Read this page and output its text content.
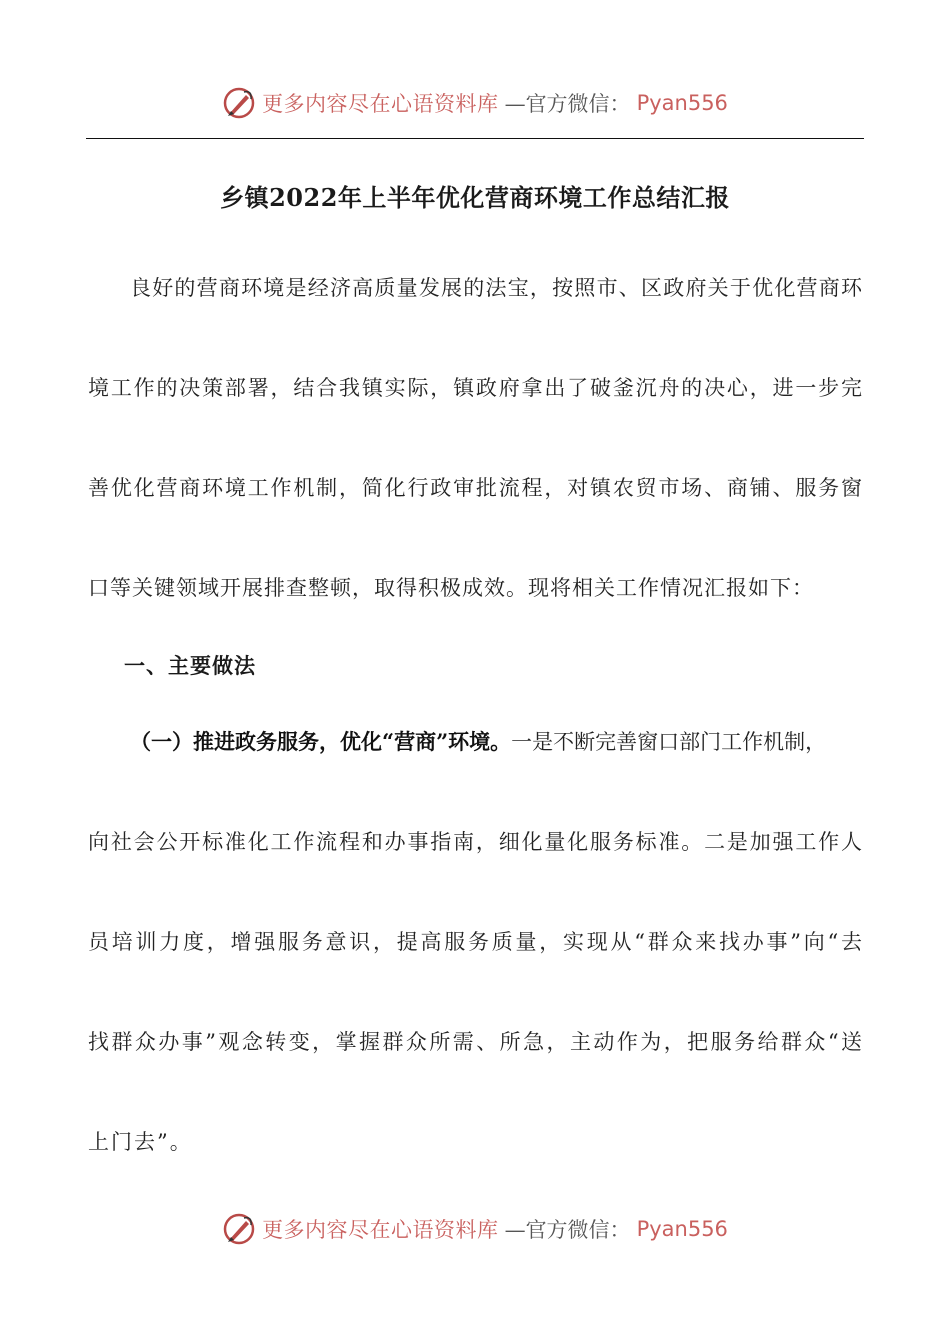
更多内容尽在心语资料库 —官方微信： Pyan556
乡镇2022年上半年优化营商环境工作总结汇报
良好的营商环境是经济高质量发展的法宝，按照市、区政府关于优化营商环
境工作的决策部署，结合我镇实际，镇政府拿出了破釜沉舟的决心，进一步完
善优化营商环境工作机制，简化行政审批流程，对镇农贸市场、商铺、服务窗
口等关键领域开展排查整顿，取得积极成效。现将相关工作情况汇报如下：
一、主要做法
（一）推进政务服务，优化“营商”环境。一是不断完善窗口部门工作机制，
向社会公开标准化工作流程和办事指南，细化量化服务标准。二是加强工作人
员培训力度，增强服务意识，提高服务质量，实现从“群众来找办事”向“去
找群众办事”观念转变，掌握群众所需、所急，主动作为，把服务给群众“送
上门去”。
更多内容尽在心语资料库 —官方微信： Pyan556
